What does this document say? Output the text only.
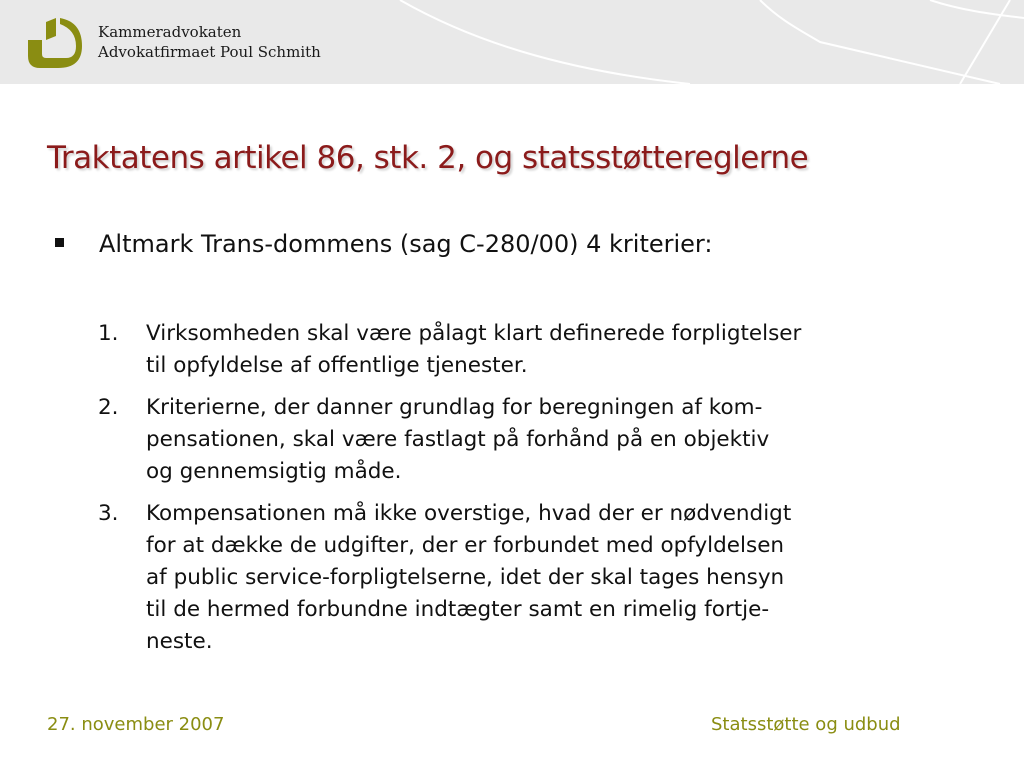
Kammeradvokaten
Advokatfirmaet Poul Schmith
Traktatens artikel 86, stk. 2, og statsstøttereglerne
Altmark Trans-dommens (sag C-280/00) 4 kriterier:
1. Virksomheden skal være pålagt klart definerede forpligtelser
til opfyldelse af offentlige tjenester.
2. Kriterierne, der danner grundlag for beregningen af kom-
pensationen, skal være fastlagt på forhånd på en objektiv
og gennemsigtig måde.
3. Kompensationen må ikke overstige, hvad der er nødvendigt
for at dække de udgifter, der er forbundet med opfyldelsen
af public service-forpligtelserne, idet der skal tages hensyn
til de hermed forbundne indtægter samt en rimelig fortje-
neste.
27. november 2007	Statsstøtte og udbud
